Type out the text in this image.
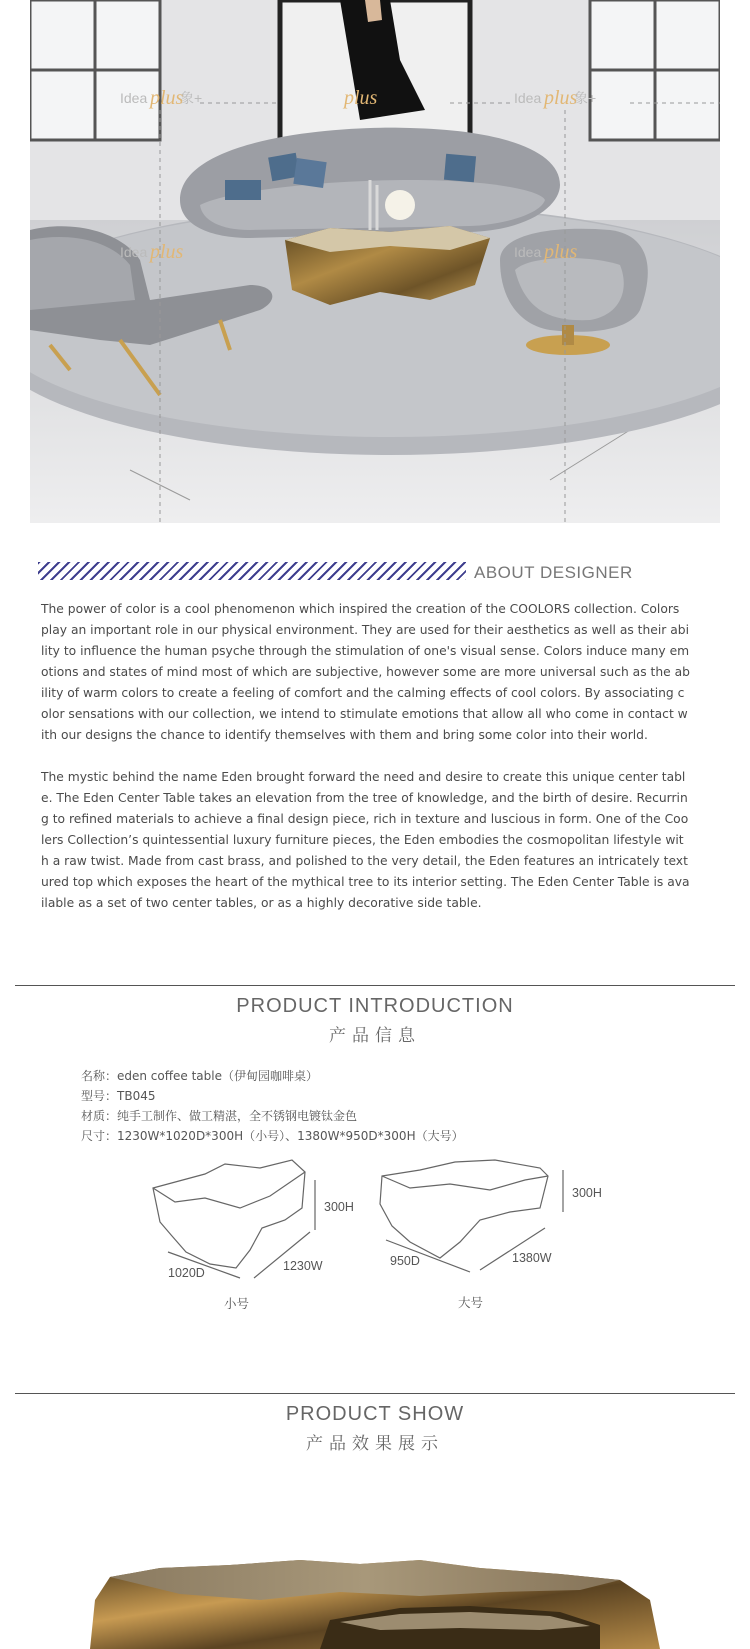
Idea plus
象+	Idea plus
象+
plus
Idea plus	Idea plus
ABOUT DESIGNER
The power of color is a cool phenomenon which inspired the creation of the COOLORS collection. Colors play an important role in our physical environment. They are used for their aesthetics as well as their ability to influence the human psyche through the stimulation of one's visual sense. Colors induce many emotions and states of mind most of which are subjective, however some are more universal such as the ability of warm colors to create a feeling of comfort and the calming effects of cool colors. By associating color sensations with our collection, we intend to stimulate emotions that allow all who come in contact with our designs the chance to identify themselves with them and bring some color into their world.
The mystic behind the name Eden brought forward the need and desire to create this unique center table. The Eden Center Table takes an elevation from the tree of knowledge, and the birth of desire. Recurring to refined materials to achieve a final design piece, rich in texture and luscious in form. One of the Coolers Collection’s quintessential luxury furniture pieces, the Eden embodies the cosmopolitan lifestyle with a raw twist. Made from cast brass, and polished to the very detail, the Eden features an intricately textured top which exposes the heart of the mythical tree to its interior setting. The Eden Center Table is available as a set of two center tables, or as a highly decorative side table.
PRODUCT INTRODUCTION
产品信息
名称：eden coffee table（伊甸园咖啡桌）
型号：TB045
材质：纯手工制作、做工精湛，全不锈钢电镀钛金色
尺寸：1230W*1020D*300H（小号）、1380W*950D*300H（大号）
300H
1020D	1230W
小号
300H
950D	1380W
大号
PRODUCT SHOW
产品效果展示
